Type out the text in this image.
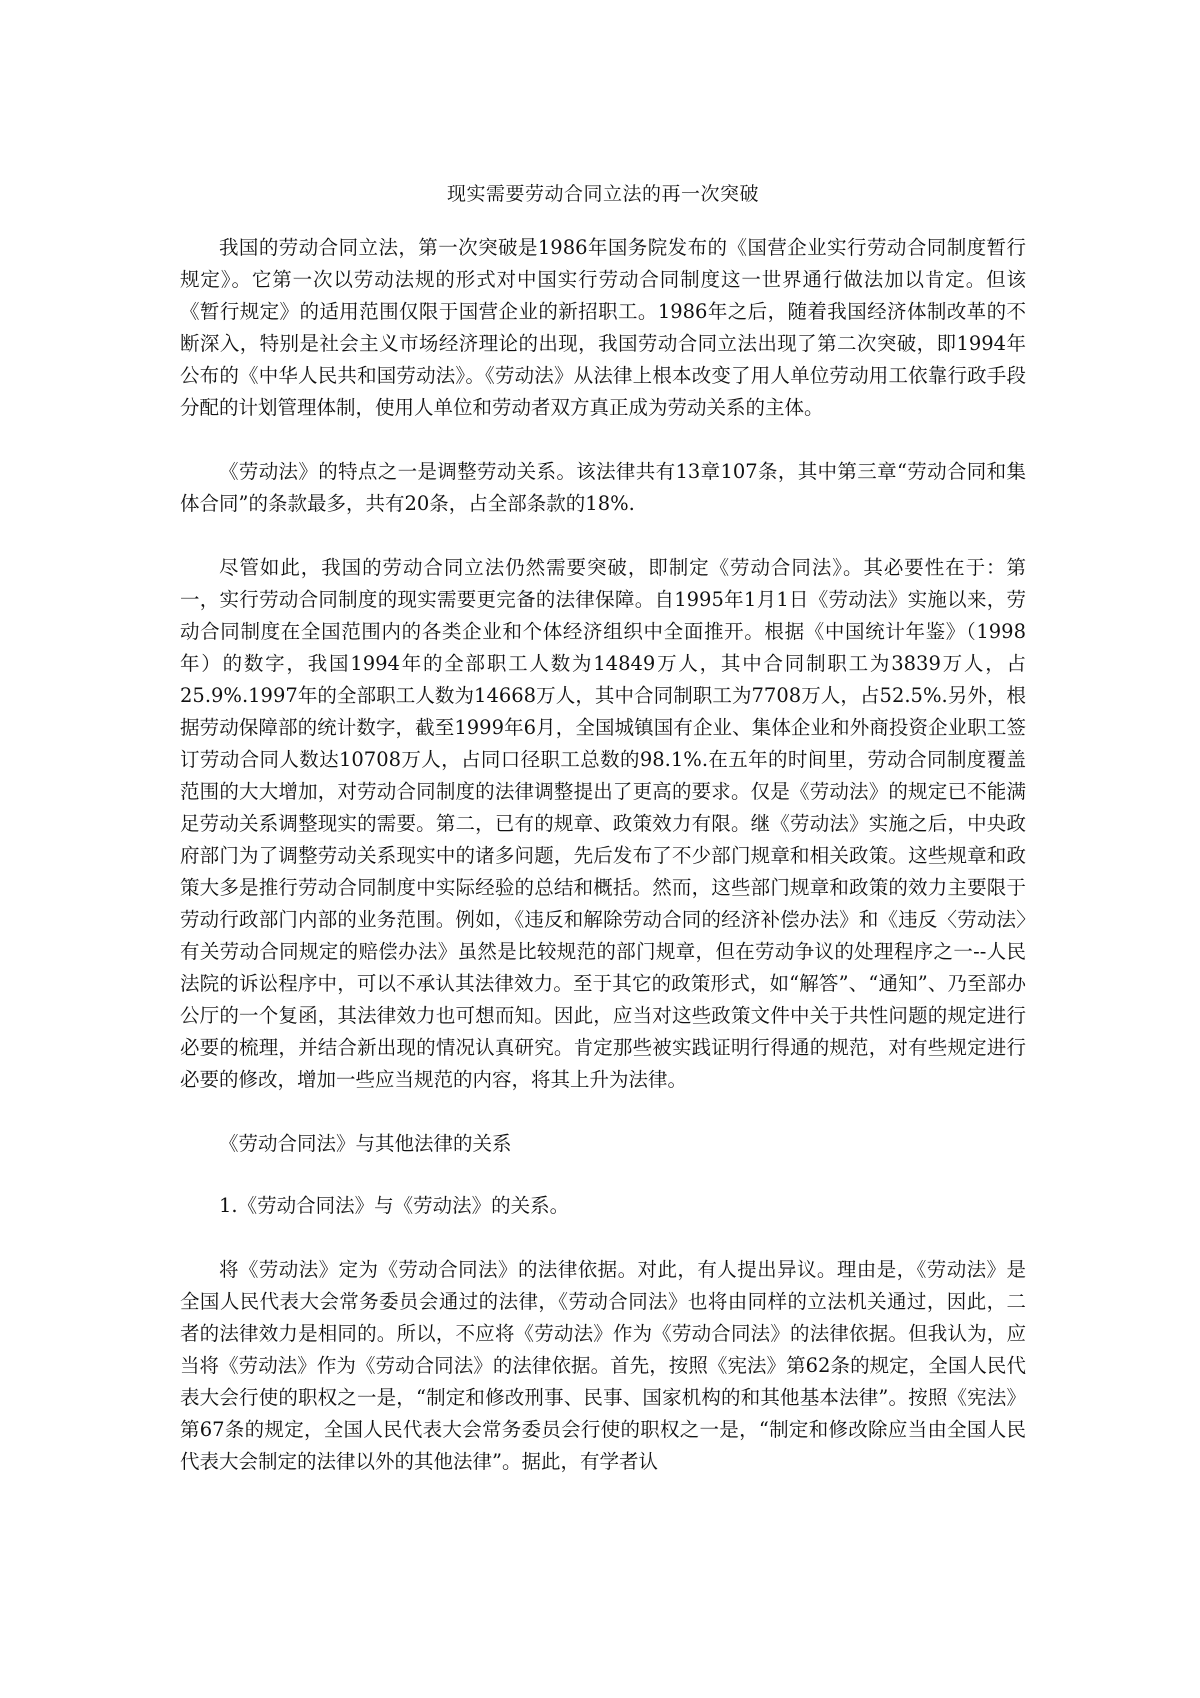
现实需要劳动合同立法的再一次突破

我国的劳动合同立法，第一次突破是1986年国务院发布的《国营企业实行劳动合同制度暂行规定》。它第一次以劳动法规的形式对中国实行劳动合同制度这一世界通行做法加以肯定。但该《暂行规定》的适用范围仅限于国营企业的新招职工。1986年之后，随着我国经济体制改革的不断深入，特别是社会主义市场经济理论的出现，我国劳动合同立法出现了第二次突破，即1994年公布的《中华人民共和国劳动法》。《劳动法》从法律上根本改变了用人单位劳动用工依靠行政手段分配的计划管理体制，使用人单位和劳动者双方真正成为劳动关系的主体。

《劳动法》的特点之一是调整劳动关系。该法律共有13章107条，其中第三章“劳动合同和集体合同”的条款最多，共有20条，占全部条款的18%.

尽管如此，我国的劳动合同立法仍然需要突破，即制定《劳动合同法》。其必要性在于：第一，实行劳动合同制度的现实需要更完备的法律保障。自1995年1月1日《劳动法》实施以来，劳动合同制度在全国范围内的各类企业和个体经济组织中全面推开。根据《中国统计年鉴》（1998年）的数字，我国1994年的全部职工人数为14849万人，其中合同制职工为3839万人，占25.9%.1997年的全部职工人数为14668万人，其中合同制职工为7708万人，占52.5%.另外，根据劳动保障部的统计数字，截至1999年6月，全国城镇国有企业、集体企业和外商投资企业职工签订劳动合同人数达10708万人，占同口径职工总数的98.1%.在五年的时间里，劳动合同制度覆盖范围的大大增加，对劳动合同制度的法律调整提出了更高的要求。仅是《劳动法》的规定已不能满足劳动关系调整现实的需要。第二，已有的规章、政策效力有限。继《劳动法》实施之后，中央政府部门为了调整劳动关系现实中的诸多问题，先后发布了不少部门规章和相关政策。这些规章和政策大多是推行劳动合同制度中实际经验的总结和概括。然而，这些部门规章和政策的效力主要限于劳动行政部门内部的业务范围。例如，《违反和解除劳动合同的经济补偿办法》和《违反〈劳动法〉有关劳动合同规定的赔偿办法》虽然是比较规范的部门规章，但在劳动争议的处理程序之一--人民法院的诉讼程序中，可以不承认其法律效力。至于其它的政策形式，如“解答”、“通知”、乃至部办公厅的一个复函，其法律效力也可想而知。因此，应当对这些政策文件中关于共性问题的规定进行必要的梳理，并结合新出现的情况认真研究。肯定那些被实践证明行得通的规范，对有些规定进行必要的修改，增加一些应当规范的内容，将其上升为法律。

《劳动合同法》与其他法律的关系

1.《劳动合同法》与《劳动法》的关系。

将《劳动法》定为《劳动合同法》的法律依据。对此，有人提出异议。理由是，《劳动法》是全国人民代表大会常务委员会通过的法律，《劳动合同法》也将由同样的立法机关通过，因此，二者的法律效力是相同的。所以，不应将《劳动法》作为《劳动合同法》的法律依据。但我认为，应当将《劳动法》作为《劳动合同法》的法律依据。首先，按照《宪法》第62条的规定，全国人民代表大会行使的职权之一是，“制定和修改刑事、民事、国家机构的和其他基本法律”。按照《宪法》第67条的规定，全国人民代表大会常务委员会行使的职权之一是，“制定和修改除应当由全国人民代表大会制定的法律以外的其他法律”。据此，有学者认
